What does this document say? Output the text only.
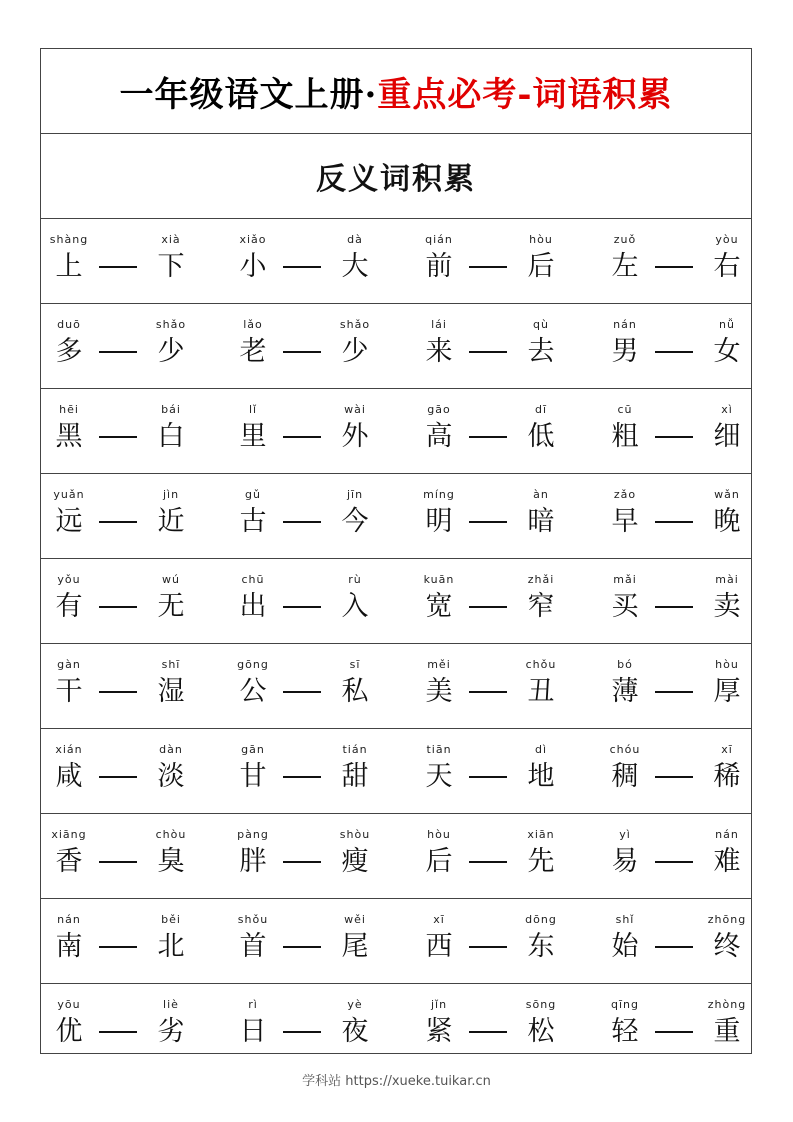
一年级语文上册· 重点必考-词语积累
反义词积累
shàng
上
xià
下
xiǎo
小
dà
大
qián
前
hòu
后
zuǒ
左
yòu
右
duō
多
shǎo
少
lǎo
老
shǎo
少
lái
来
qù
去
nán
男
nǚ
女
hēi
黑
bái
白
lǐ
里
wài
外
gāo
高
dī
低
cū
粗
xì
细
yuǎn
远
jìn
近
gǔ
古
jīn
今
míng
明
àn
暗
zǎo
早
wǎn
晚
yǒu
有
wú
无
chū
出
rù
入
kuān
宽
zhǎi
窄
mǎi
买
mài
卖
gàn
干
shī
湿
gōng
公
sī
私
měi
美
chǒu
丑
bó
薄
hòu
厚
xián
咸
dàn
淡
gān
甘
tián
甜
tiān
天
dì
地
chóu
稠
xī
稀
xiāng
香
chòu
臭
pàng
胖
shòu
瘦
hòu
后
xiān
先
yì
易
nán
难
nán
南
běi
北
shǒu
首
wěi
尾
xī
西
dōng
东
shǐ
始
zhōng
终
yōu
优
liè
劣
rì
日
yè
夜
jǐn
紧
sōng
松
qīng
轻
zhòng
重
学科站 https://xueke.tuikar.cn
